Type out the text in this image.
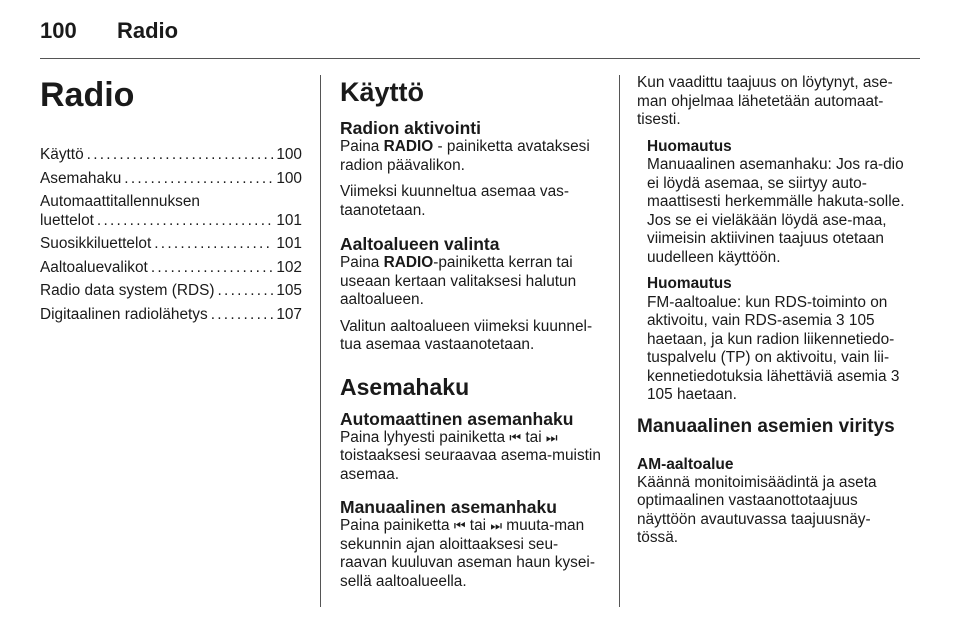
100 Radio
Radio
Käyttö . . .	100
Asemahaku . . .	100
Automaattitallennuksen
luettelot . . .	101
Suosikkiluettelot . . .	101
Aaltoaluevalikot . . .	102
Radio data system (RDS) . . .	105
Digitaalinen radiolähetys . . .	107
Käyttö
Radion aktivointi

Paina RADIO - painiketta avataksesi radion päävalikon.

Viimeksi kuunneltua asemaa vas-taanotetaan.

Aaltoalueen valinta

Paina RADIO-painiketta kerran tai useaan kertaan valitaksesi halutun aaltoalueen.

Valitun aaltoalueen viimeksi kuunnel-tua asemaa vastaanotetaan.

Asemahaku
Automaattinen asemanhaku

Paina lyhyesti painiketta ⏮ tai ⏭ toistaaksesi seuraavaa asema-muistin asemaa.

Manuaalinen asemanhaku

Paina painiketta ⏮ tai ⏭ muuta-man sekunnin ajan aloittaaksesi seu-raavan kuuluvan aseman haun kysei-sellä aaltoalueella.

Kun vaadittu taajuus on löytynyt, ase-man ohjelmaa lähetetään automaat-tisesti.

Huomautus

Manuaalinen asemanhaku: Jos ra-dio ei löydä asemaa, se siirtyy auto-maattisesti herkemmälle hakuta-solle. Jos se ei vieläkään löydä ase-maa, viimeisin aktiivinen taajuus otetaan uudelleen käyttöön.

Huomautus

FM-aaltoalue: kun RDS-toiminto on aktivoitu, vain RDS-asemia 3 105 haetaan, ja kun radion liikennetiedo-tuspalvelu (TP) on aktivoitu, vain lii-kennetiedotuksia lähettäviä asemia 3 105 haetaan.

Manuaalinen asemien viritys
AM-aaltoalue

Käännä monitoimisäädintä ja aseta optimaalinen vastaanottotaajuus näyttöön avautuvassa taajuusnäy-tössä.
